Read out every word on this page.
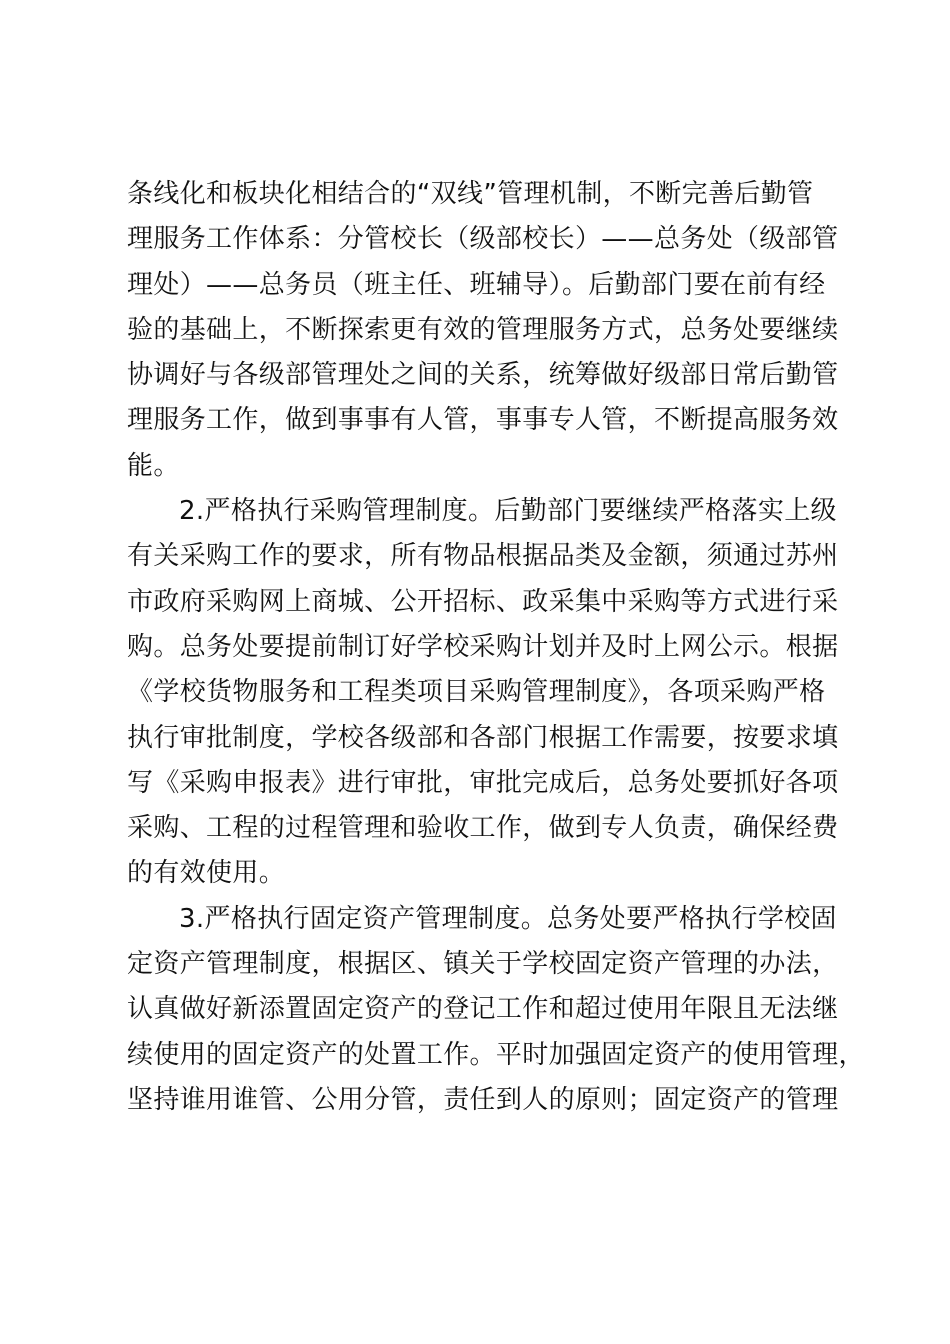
条线化和板块化相结合的“双线”管理机制，不断完善后勤管
理服务工作体系：分管校长（级部校长）——总务处（级部管
理处）——总务员（班主任、班辅导）。后勤部门要在前有经
验的基础上，不断探索更有效的管理服务方式，总务处要继续
协调好与各级部管理处之间的关系，统筹做好级部日常后勤管
理服务工作，做到事事有人管，事事专人管，不断提高服务效
能。
2.严格执行采购管理制度。后勤部门要继续严格落实上级
有关采购工作的要求，所有物品根据品类及金额，须通过苏州
市政府采购网上商城、公开招标、政采集中采购等方式进行采
购。总务处要提前制订好学校采购计划并及时上网公示。根据
《学校货物服务和工程类项目采购管理制度》，各项采购严格
执行审批制度，学校各级部和各部门根据工作需要，按要求填
写《采购申报表》进行审批，审批完成后，总务处要抓好各项
采购、工程的过程管理和验收工作，做到专人负责，确保经费
的有效使用。
3.严格执行固定资产管理制度。总务处要严格执行学校固
定资产管理制度，根据区、镇关于学校固定资产管理的办法，
认真做好新添置固定资产的登记工作和超过使用年限且无法继
续使用的固定资产的处置工作。平时加强固定资产的使用管理，
坚持谁用谁管、公用分管，责任到人的原则；固定资产的管理
